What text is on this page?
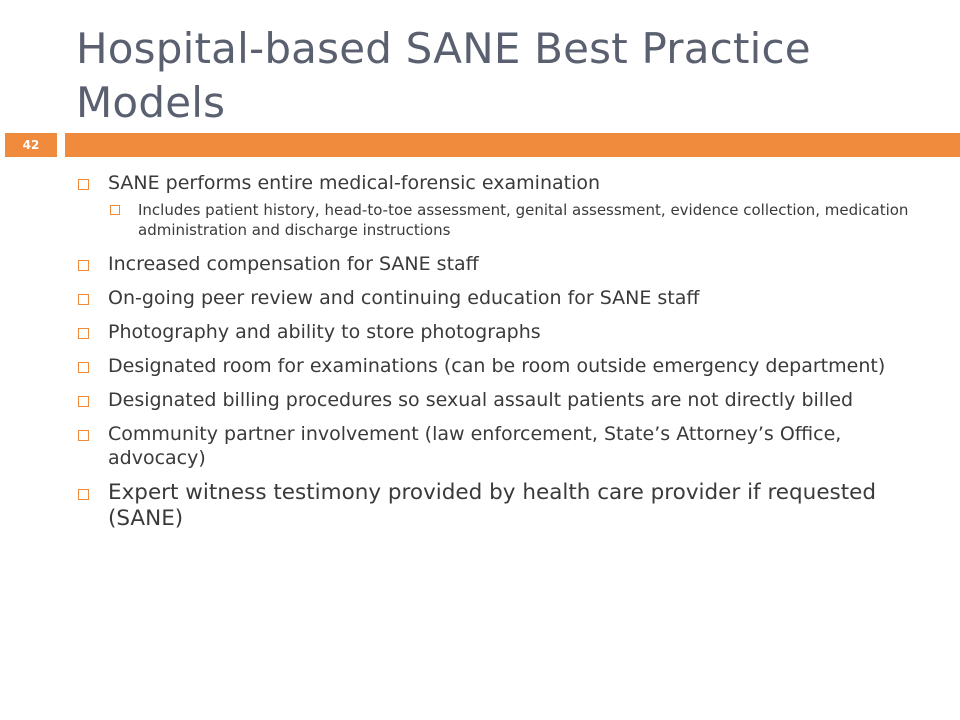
Hospital-based SANE Best Practice Models
42
SANE performs entire medical-forensic examination
Includes patient history, head-to-toe assessment, genital assessment, evidence collection, medication administration and discharge instructions
Increased compensation for SANE staff
On-going peer review and continuing education for SANE staff
Photography and ability to store photographs
Designated room for examinations (can be room outside emergency department)
Designated billing procedures so sexual assault patients are not directly billed
Community partner involvement (law enforcement, State’s Attorney’s Office, advocacy)
Expert witness testimony provided by health care provider if requested (SANE)
